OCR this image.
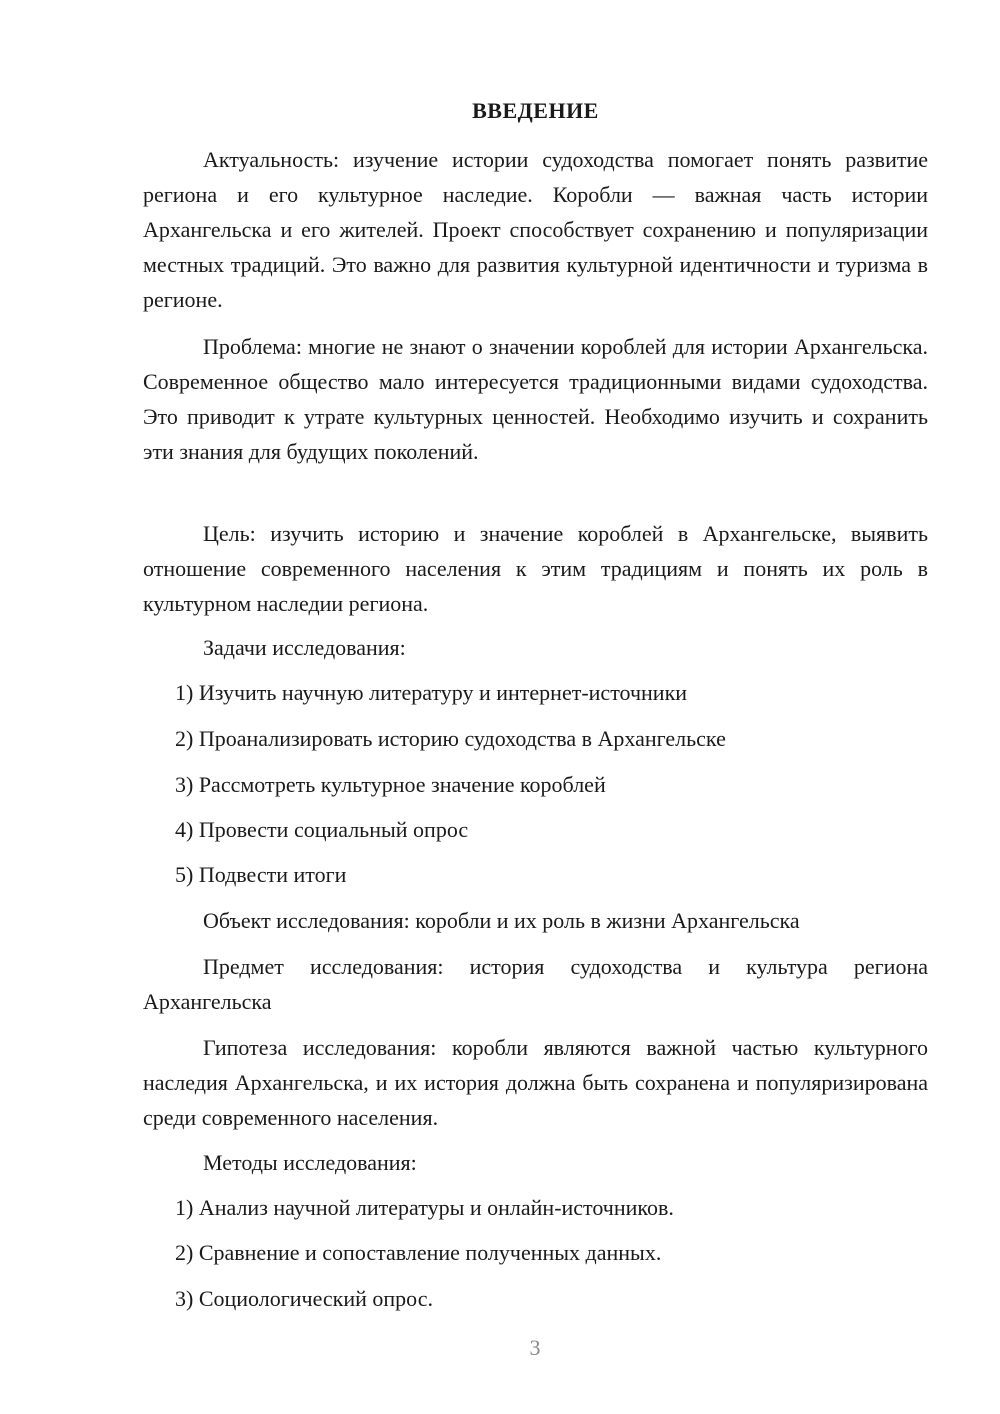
ВВЕДЕНИЕ

Актуальность: изучение истории судоходства помогает понять развитие региона и его культурное наследие. Коробли — важная часть истории Архангельска и его жителей. Проект способствует сохранению и популяризации местных традиций. Это важно для развития культурной идентичности и туризма в регионе.

Проблема: многие не знают о значении короблей для истории Архангельска. Современное общество мало интересуется традиционными видами судоходства. Это приводит к утрате культурных ценностей. Необходимо изучить и сохранить эти знания для будущих поколений.

Цель: изучить историю и значение короблей в Архангельске, выявить отношение современного населения к этим традициям и понять их роль в культурном наследии региона.

Задачи исследования:

1) Изучить научную литературу и интернет-источники

2) Проанализировать историю судоходства в Архангельске

3) Рассмотреть культурное значение короблей

4) Провести социальный опрос

5) Подвести итоги

Объект исследования: коробли и их роль в жизни Архангельска

Предмет исследования: история судоходства и культура региона Архангельска

Гипотеза исследования: коробли являются важной частью культурного наследия Архангельска, и их история должна быть сохранена и популяризирована среди современного населения.

Методы исследования:

1) Анализ научной литературы и онлайн-источников.

2) Сравнение и сопоставление полученных данных.

3) Социологический опрос.

3
